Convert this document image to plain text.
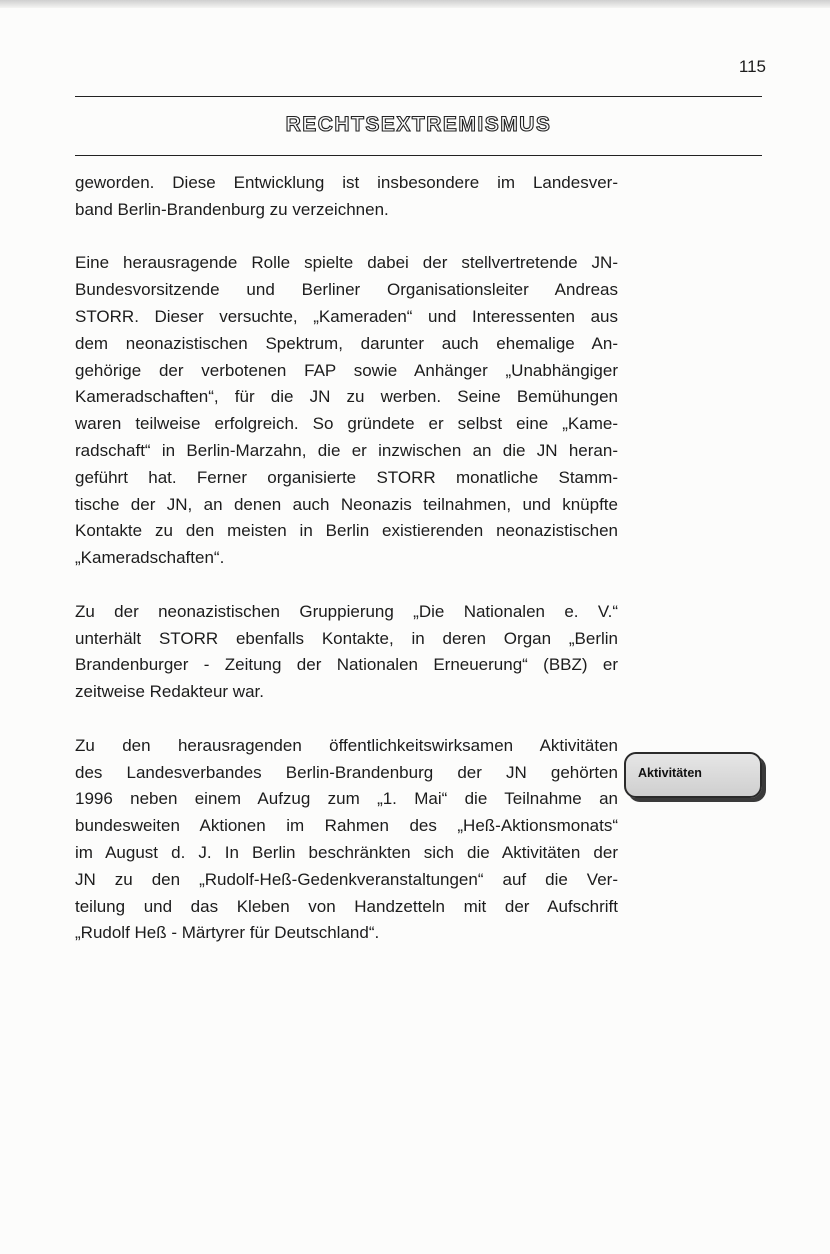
115
RECHTSEXTREMISMUS

geworden. Diese Entwicklung ist insbesondere im Landesver-
band Berlin-Brandenburg zu verzeichnen.

Eine herausragende Rolle spielte dabei der stellvertretende JN-
Bundesvorsitzende und Berliner Organisationsleiter Andreas
STORR. Dieser versuchte, „Kameraden“ und Interessenten aus
dem neonazistischen Spektrum, darunter auch ehemalige An-
gehörige der verbotenen FAP sowie Anhänger „Unabhängiger
Kameradschaften“, für die JN zu werben. Seine Bemühungen
waren teilweise erfolgreich. So gründete er selbst eine „Kame-
radschaft“ in Berlin-Marzahn, die er inzwischen an die JN heran-
geführt hat. Ferner organisierte STORR monatliche Stamm-
tische der JN, an denen auch Neonazis teilnahmen, und knüpfte
Kontakte zu den meisten in Berlin existierenden neonazistischen
„Kameradschaften“.

Zu der neonazistischen Gruppierung „Die Nationalen e. V.“
unterhält STORR ebenfalls Kontakte, in deren Organ „Berlin
Brandenburger - Zeitung der Nationalen Erneuerung“ (BBZ) er
zeitweise Redakteur war.

Zu den herausragenden öffentlichkeitswirksamen Aktivitäten
des Landesverbandes Berlin-Brandenburg der JN gehörten
1996 neben einem Aufzug zum „1. Mai“ die Teilnahme an
bundesweiten Aktionen im Rahmen des „Heß-Aktionsmonats“
im August d. J. In Berlin beschränkten sich die Aktivitäten der
JN zu den „Rudolf-Heß-Gedenkveranstaltungen“ auf die Ver-
teilung und das Kleben von Handzetteln mit der Aufschrift
„Rudolf Heß - Märtyrer für Deutschland“.

Aktivitäten
